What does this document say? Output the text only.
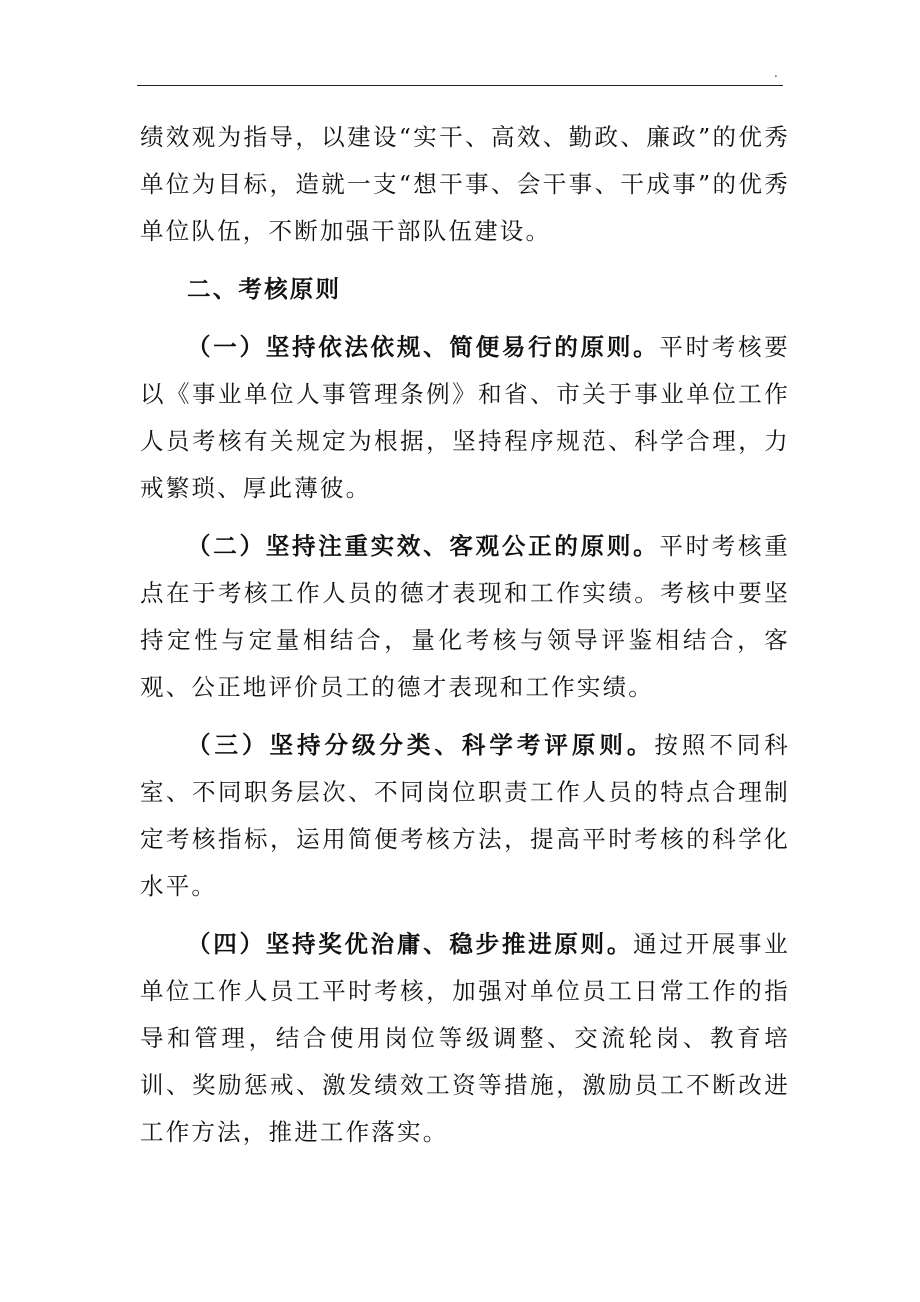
.

绩效观为指导，以建设“实干、高效、勤政、廉政”的优秀单位为目标，造就一支“想干事、会干事、干成事”的优秀单位队伍，不断加强干部队伍建设。

二、考核原则

（一）坚持依法依规、简便易行的原则。平时考核要以《事业单位人事管理条例》和省、市关于事业单位工作人员考核有关规定为根据，坚持程序规范、科学合理，力戒繁琐、厚此薄彼。

（二）坚持注重实效、客观公正的原则。平时考核重点在于考核工作人员的德才表现和工作实绩。考核中要坚持定性与定量相结合，量化考核与领导评鉴相结合，客观、公正地评价员工的德才表现和工作实绩。

（三）坚持分级分类、科学考评原则。按照不同科室、不同职务层次、不同岗位职责工作人员的特点合理制定考核指标，运用简便考核方法，提高平时考核的科学化水平。

（四）坚持奖优治庸、稳步推进原则。通过开展事业单位工作人员工平时考核，加强对单位员工日常工作的指导和管理，结合使用岗位等级调整、交流轮岗、教育培训、奖励惩戒、激发绩效工资等措施，激励员工不断改进工作方法，推进工作落实。
